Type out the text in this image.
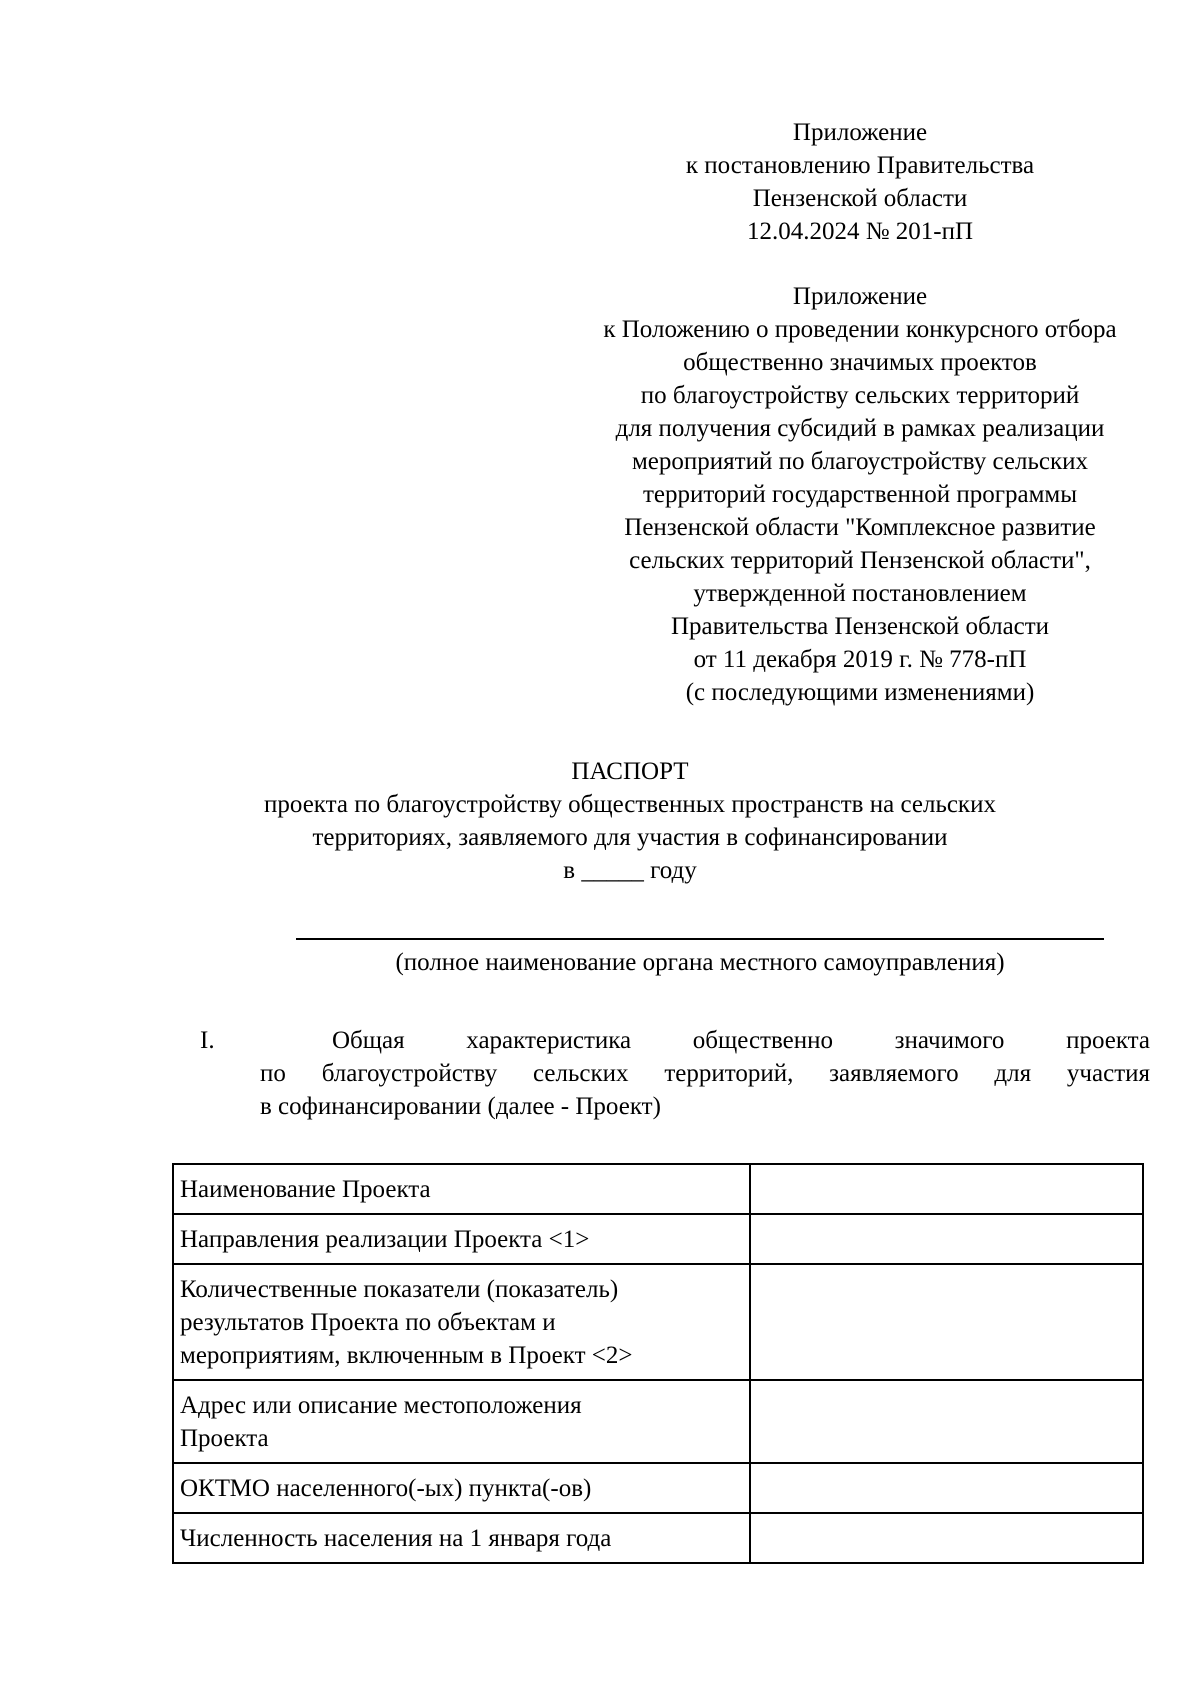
Приложение
к постановлению Правительства
Пензенской области
12.04.2024 № 201-пП
Приложение
к Положению о проведении конкурсного отбора
общественно значимых проектов
по благоустройству сельских территорий
для получения субсидий в рамках реализации
мероприятий по благоустройству сельских
территорий государственной программы
Пензенской области "Комплексное развитие
сельских территорий Пензенской области",
утвержденной постановлением
Правительства Пензенской области
от 11 декабря 2019 г. № 778-пП
(с последующими изменениями)
ПАСПОРТ
проекта по благоустройству общественных пространств на сельских
территориях, заявляемого для участия в софинансировании
в _____ году
(полное наименование органа местного самоуправления)
I.	Общая характеристика общественно значимого проекта
по благоустройству сельских территорий, заявляемого для участия
в софинансировании (далее - Проект)
Наименование Проекта	

Направления реализации Проекта <1>	

Количественные показатели (показатель)
результатов Проекта по объектам и
мероприятиям, включенным в Проект <2>	

Адрес или описание местоположения
Проекта	

ОКТМО населенного(-ых) пункта(-ов)	

Численность населения на 1 января года	
